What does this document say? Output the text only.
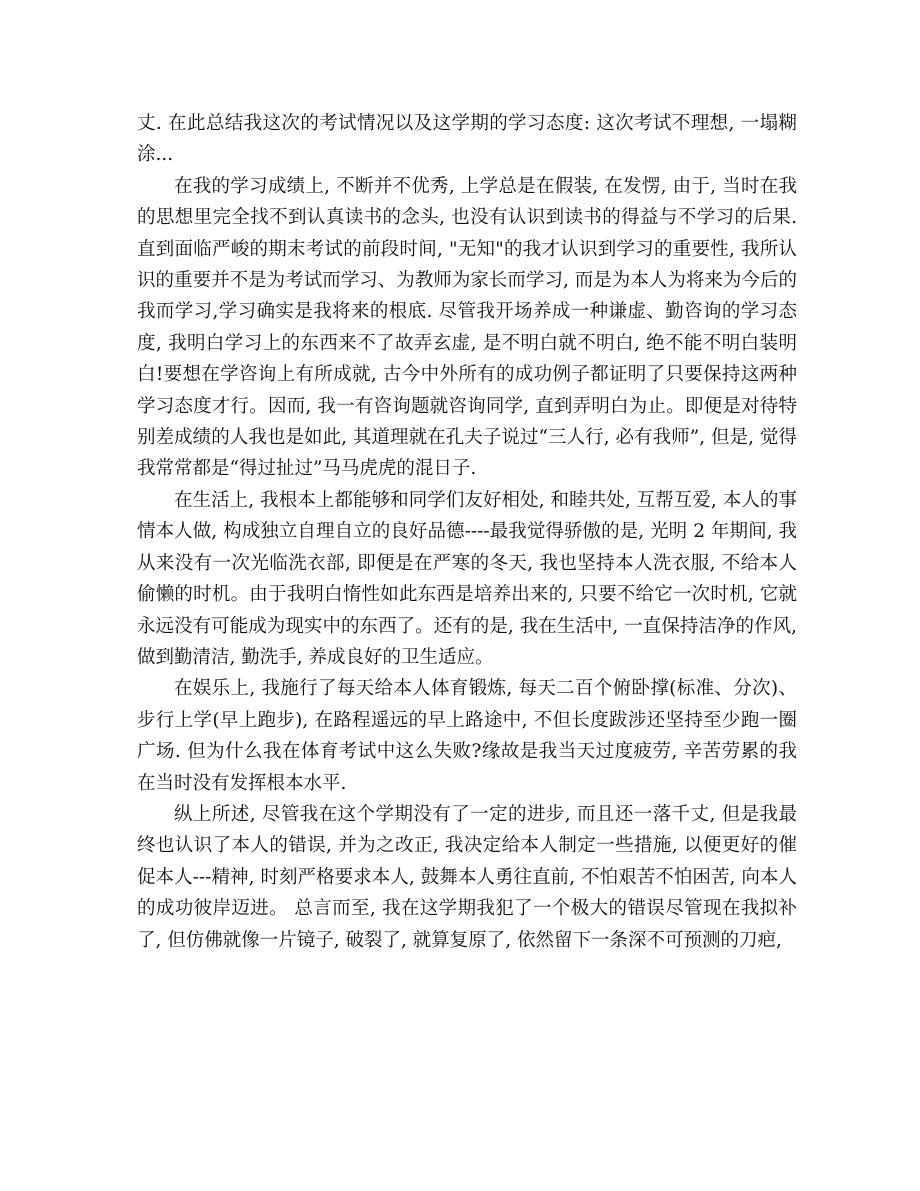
丈. 在此总结我这次的考试情况以及这学期的学习态度: 这次考试不理想, 一塌糊涂...

在我的学习成绩上, 不断并不优秀, 上学总是在假装, 在发愣, 由于, 当时在我的思想里完全找不到认真读书的念头, 也没有认识到读书的得益与不学习的后果. 直到面临严峻的期末考试的前段时间, "无知"的我才认识到学习的重要性, 我所认识的重要并不是为考试而学习、为教师为家长而学习, 而是为本人为将来为今后的我而学习,学习确实是我将来的根底. 尽管我开场养成一种谦虚、勤咨询的学习态度, 我明白学习上的东西来不了故弄玄虚, 是不明白就不明白, 绝不能不明白装明白!要想在学咨询上有所成就, 古今中外所有的成功例子都证明了只要保持这两种学习态度才行。因而, 我一有咨询题就咨询同学, 直到弄明白为止。即便是对待特别差成绩的人我也是如此, 其道理就在孔夫子说过“三人行, 必有我师”, 但是, 觉得我常常都是“得过扯过”马马虎虎的混日子.

在生活上, 我根本上都能够和同学们友好相处, 和睦共处, 互帮互爱, 本人的事情本人做, 构成独立自理自立的良好品德----最我觉得骄傲的是, 光明 2 年期间, 我从来没有一次光临洗衣部, 即便是在严寒的冬天, 我也坚持本人洗衣服, 不给本人偷懒的时机。由于我明白惰性如此东西是培养出来的, 只要不给它一次时机, 它就永远没有可能成为现实中的东西了。还有的是, 我在生活中, 一直保持洁净的作风, 做到勤清洁, 勤洗手, 养成良好的卫生适应。

在娱乐上, 我施行了每天给本人体育锻炼, 每天二百个俯卧撑(标准、分次)、步行上学(早上跑步), 在路程遥远的早上路途中, 不但长度跋涉还坚持至少跑一圈广场. 但为什么我在体育考试中这么失败?缘故是我当天过度疲劳, 辛苦劳累的我在当时没有发挥根本水平.

纵上所述, 尽管我在这个学期没有了一定的进步, 而且还一落千丈, 但是我最终也认识了本人的错误, 并为之改正, 我决定给本人制定一些措施, 以便更好的催促本人---精神, 时刻严格要求本人, 鼓舞本人勇往直前, 不怕艰苦不怕困苦, 向本人的成功彼岸迈进。 总言而至, 我在这学期我犯了一个极大的错误尽管现在我拟补了, 但仿佛就像一片镜子, 破裂了, 就算复原了, 依然留下一条深不可预测的刀疤,
